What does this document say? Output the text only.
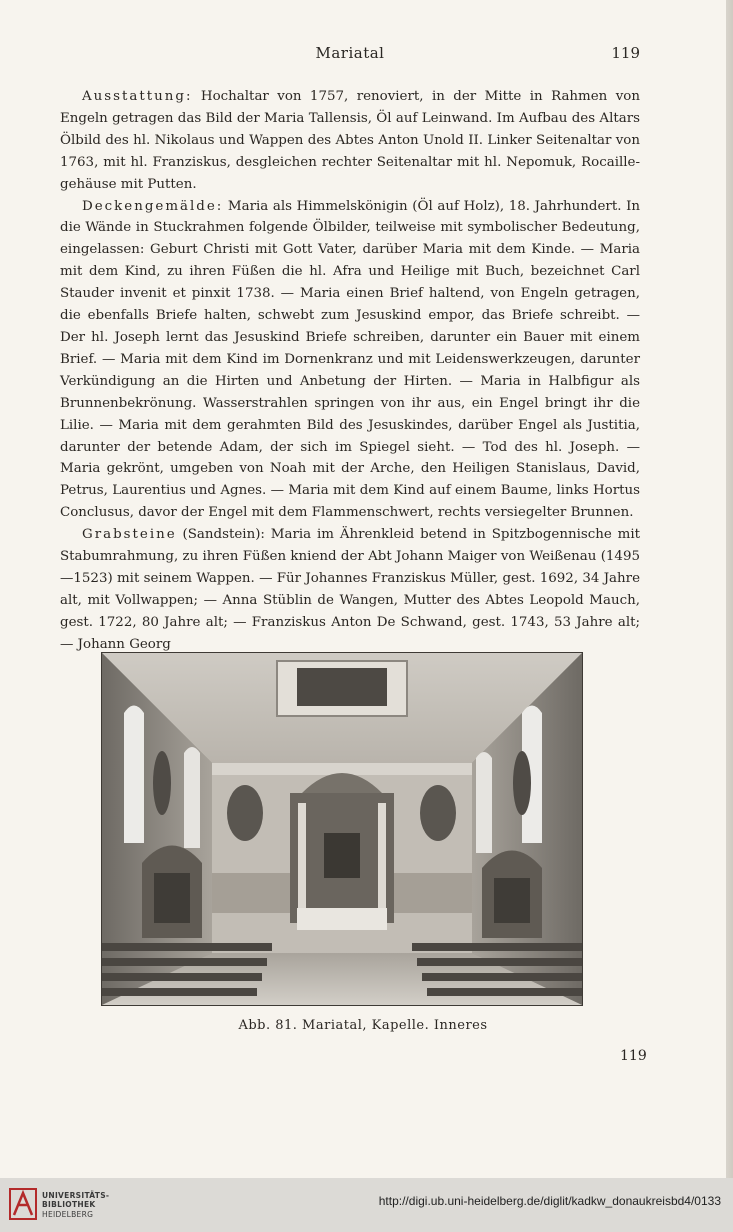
Mariatal	119

Ausstattung: Hochaltar von 1757, renoviert, in der Mitte in Rahmen von Engeln getragen das Bild der Maria Tallensis, Öl auf Leinwand. Im Aufbau des Altars Ölbild des hl. Nikolaus und Wappen des Abtes Anton Unold II. Linker Seitenaltar von 1763, mit hl. Franziskus, desgleichen rechter Seitenaltar mit hl. Nepomuk, Rocaillegehäuse mit Putten.

Deckengemälde: Maria als Himmelskönigin (Öl auf Holz), 18. Jahrhundert. In die Wände in Stuckrahmen folgende Ölbilder, teilweise mit symbolischer Bedeutung, eingelassen: Geburt Christi mit Gott Vater, darüber Maria mit dem Kinde. — Maria mit dem Kind, zu ihren Füßen die hl. Afra und Heilige mit Buch, bezeichnet Carl Stauder invenit et pinxit 1738. — Maria einen Brief haltend, von Engeln getragen, die ebenfalls Briefe halten, schwebt zum Jesuskind empor, das Briefe schreibt. — Der hl. Joseph lernt das Jesuskind Briefe schreiben, darunter ein Bauer mit einem Brief. — Maria mit dem Kind im Dornenkranz und mit Leidenswerkzeugen, darunter Verkündigung an die Hirten und Anbetung der Hirten. — Maria in Halbfigur als Brunnenbekrönung. Wasserstrahlen springen von ihr aus, ein Engel bringt ihr die Lilie. — Maria mit dem gerahmten Bild des Jesuskindes, darüber Engel als Justitia, darunter der betende Adam, der sich im Spiegel sieht. — Tod des hl. Joseph. — Maria gekrönt, umgeben von Noah mit der Arche, den Heiligen Stanislaus, David, Petrus, Laurentius und Agnes. — Maria mit dem Kind auf einem Baume, links Hortus Conclusus, davor der Engel mit dem Flammenschwert, rechts versiegelter Brunnen.

Grabsteine (Sandstein): Maria im Ährenkleid betend in Spitzbogennische mit Stabumrahmung, zu ihren Füßen kniend der Abt Johann Maiger von Weißenau (1495—1523) mit seinem Wappen. — Für Johannes Franziskus Müller, gest. 1692, 34 Jahre alt, mit Vollwappen; — Anna Stüblin de Wangen, Mutter des Abtes Leopold Mauch, gest. 1722, 80 Jahre alt; — Franziskus Anton De Schwand, gest. 1743, 53 Jahre alt; — Johann Georg

Abb. 81. Mariatal, Kapelle. Inneres
119
UNIVERSITÄTS-
BIBLIOTHEK
HEIDELBERG
http://digi.ub.uni-heidelberg.de/diglit/kadkw_donaukreisbd4/0133
